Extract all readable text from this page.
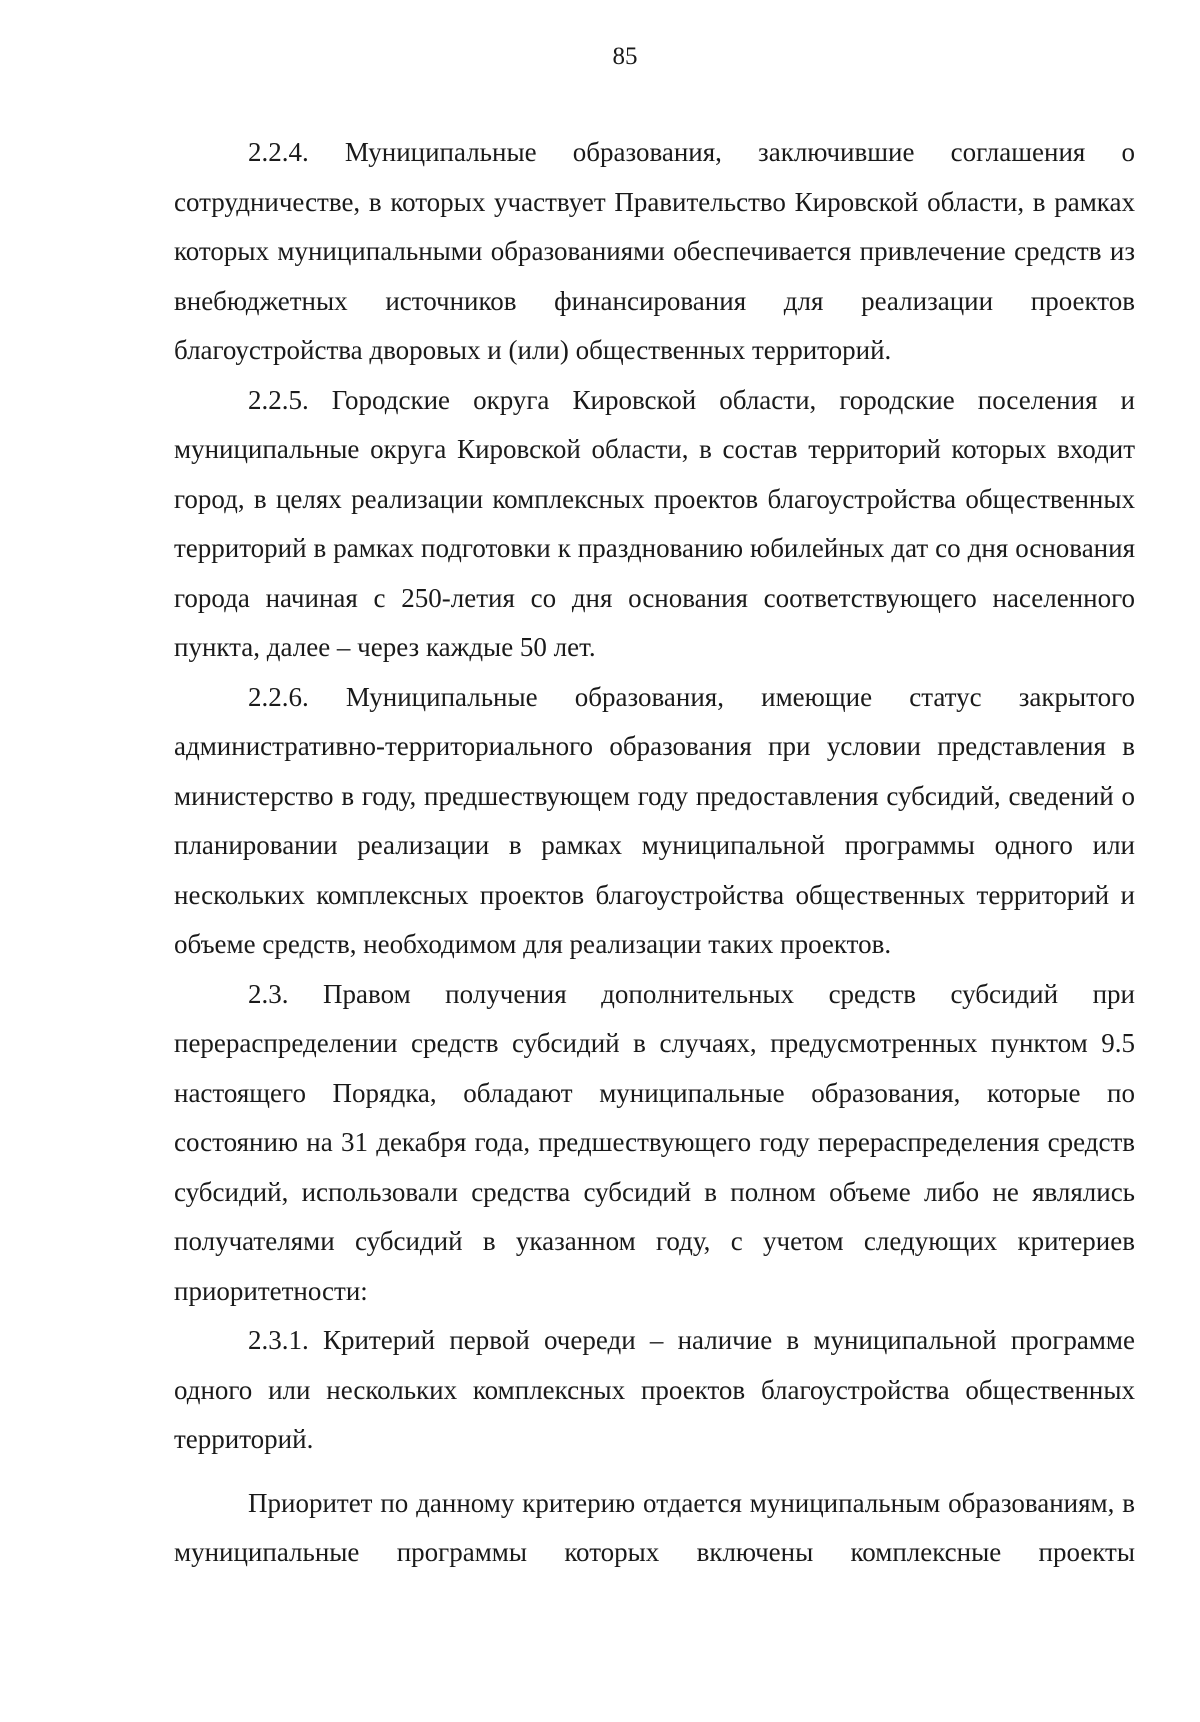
85

2.2.4. Муниципальные образования, заключившие соглашения о сотрудничестве, в которых участвует Правительство Кировской области, в рамках которых муниципальными образованиями обеспечивается привлечение средств из внебюджетных источников финансирования для реализации проектов благоустройства дворовых и (или) общественных территорий.

2.2.5. Городские округа Кировской области, городские поселения и муниципальные округа Кировской области, в состав территорий которых входит город, в целях реализации комплексных проектов благоустройства общественных территорий в рамках подготовки к празднованию юбилейных дат со дня основания города начиная с 250-летия со дня основания соответствующего населенного пункта, далее – через каждые 50 лет.

2.2.6. Муниципальные образования, имеющие статус закрытого административно-территориального образования при условии представления в министерство в году, предшествующем году предоставления субсидий, сведений о планировании реализации в рамках муниципальной программы одного или нескольких комплексных проектов благоустройства общественных территорий и объеме средств, необходимом для реализации таких проектов.

2.3. Правом получения дополнительных средств субсидий при перераспределении средств субсидий в случаях, предусмотренных пунктом 9.5 настоящего Порядка, обладают муниципальные образования, которые по состоянию на 31 декабря года, предшествующего году перераспределения средств субсидий, использовали средства субсидий в полном объеме либо не являлись получателями субсидий в указанном году, с учетом следующих критериев приоритетности:

2.3.1. Критерий первой очереди – наличие в муниципальной программе одного или нескольких комплексных проектов благоустройства общественных территорий.

Приоритет по данному критерию отдается муниципальным образованиям, в муниципальные программы которых включены комплексные проекты
